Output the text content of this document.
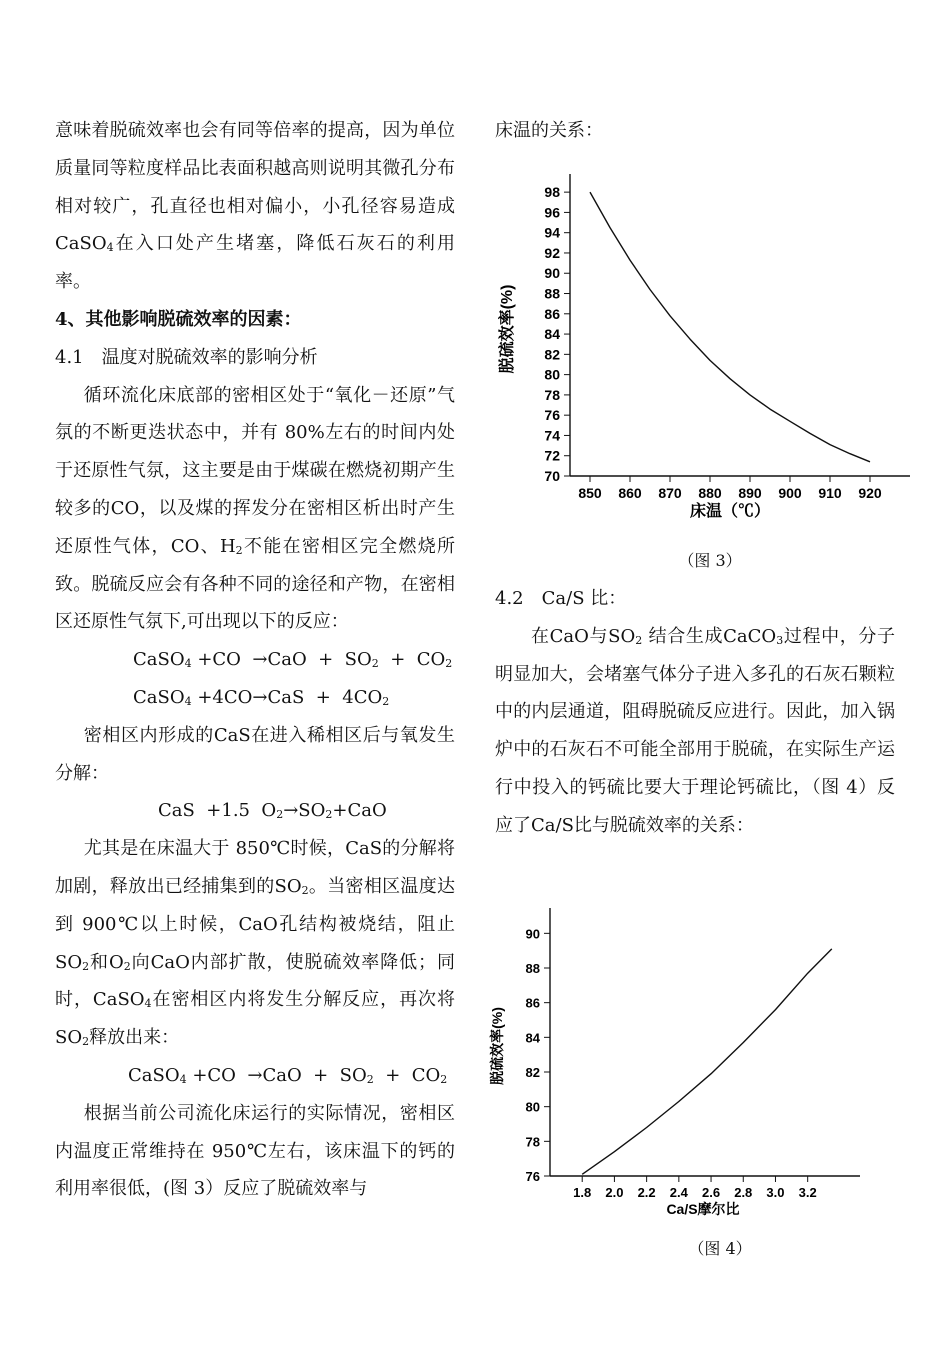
意味着脱硫效率也会有同等倍率的提高，因为单位质量同等粒度样品比表面积越高则说明其微孔分布相对较广，孔直径也相对偏小，小孔径容易造成CaSO4在入口处产生堵塞，降低石灰石的利用率。

4、其他影响脱硫效率的因素：

4.1　温度对脱硫效率的影响分析

循环流化床底部的密相区处于“氧化－还原”气氛的不断更迭状态中，并有 80%左右的时间内处于还原性气氛，这主要是由于煤碳在燃烧初期产生较多的CO，以及煤的挥发分在密相区析出时产生还原性气体，CO、H2不能在密相区完全燃烧所致。脱硫反应会有各种不同的途径和产物，在密相区还原性气氛下,可出现以下的反应：

CaSO4 +CO  →CaO  +  SO2  +  CO2

CaSO4 +4CO→CaS  +  4CO2

密相区内形成的CaS在进入稀相区后与氧发生分解：

CaS  +1.5  O2→SO2+CaO

尤其是在床温大于 850℃时候，CaS的分解将加剧，释放出已经捕集到的SO2。当密相区温度达到 900℃以上时候，CaO孔结构被烧结，阻止SO2和O2向CaO内部扩散，使脱硫效率降低；同时，CaSO4在密相区内将发生分解反应，再次将SO2释放出来：

CaSO4 +CO  →CaO  +  SO2  +  CO2

根据当前公司流化床运行的实际情况，密相区内温度正常维持在 950℃左右，该床温下的钙的利用率很低，(图 3）反应了脱硫效率与

床温的关系：

70
72
74
76
78
80
82
84
86
88
90
92
94
96
98
850 860 870 880 890 900 910 920
床温（℃）
脱硫效率(%)
（图 3）

4.2　Ca/S 比：

在CaO与SO2 结合生成CaCO3过程中，分子明显加大，会堵塞气体分子进入多孔的石灰石颗粒中的内层通道，阻碍脱硫反应进行。因此，加入锅炉中的石灰石不可能全部用于脱硫，在实际生产运行中投入的钙硫比要大于理论钙硫比，（图 4）反应了Ca/S比与脱硫效率的关系：

76
78
80
82
84
86
88
90
1.8 2.0 2.2 2.4 2.6 2.8 3.0 3.2
Ca/S摩尔比
脱硫效率(%)
（图 4）
